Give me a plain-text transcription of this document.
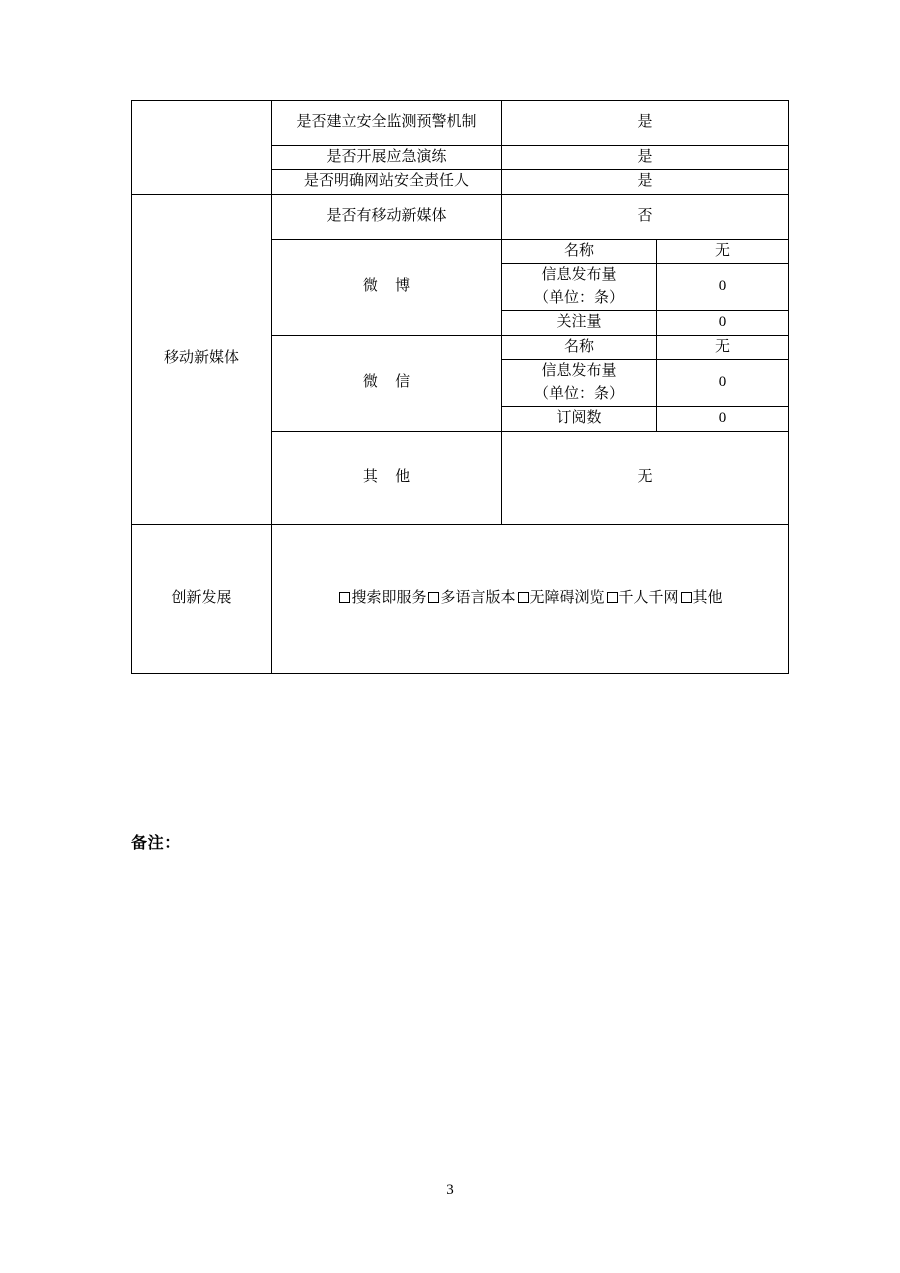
	是否建立安全监测预警机制	是	
	是否开展应急演练	是	
	是否明确网站安全责任人	是	
移动新媒体	是否有移动新媒体	否	
	微 博	名称	无

		信息发布量
（单位：条）	0
		关注量	0
	微 信	名称	无

		信息发布量
（单位：条）	0
		订阅数	0
	其 他	无	
创新发展	搜索即服务 多语言版本 无障碍浏览 千人千网 其他		
备注：
3
